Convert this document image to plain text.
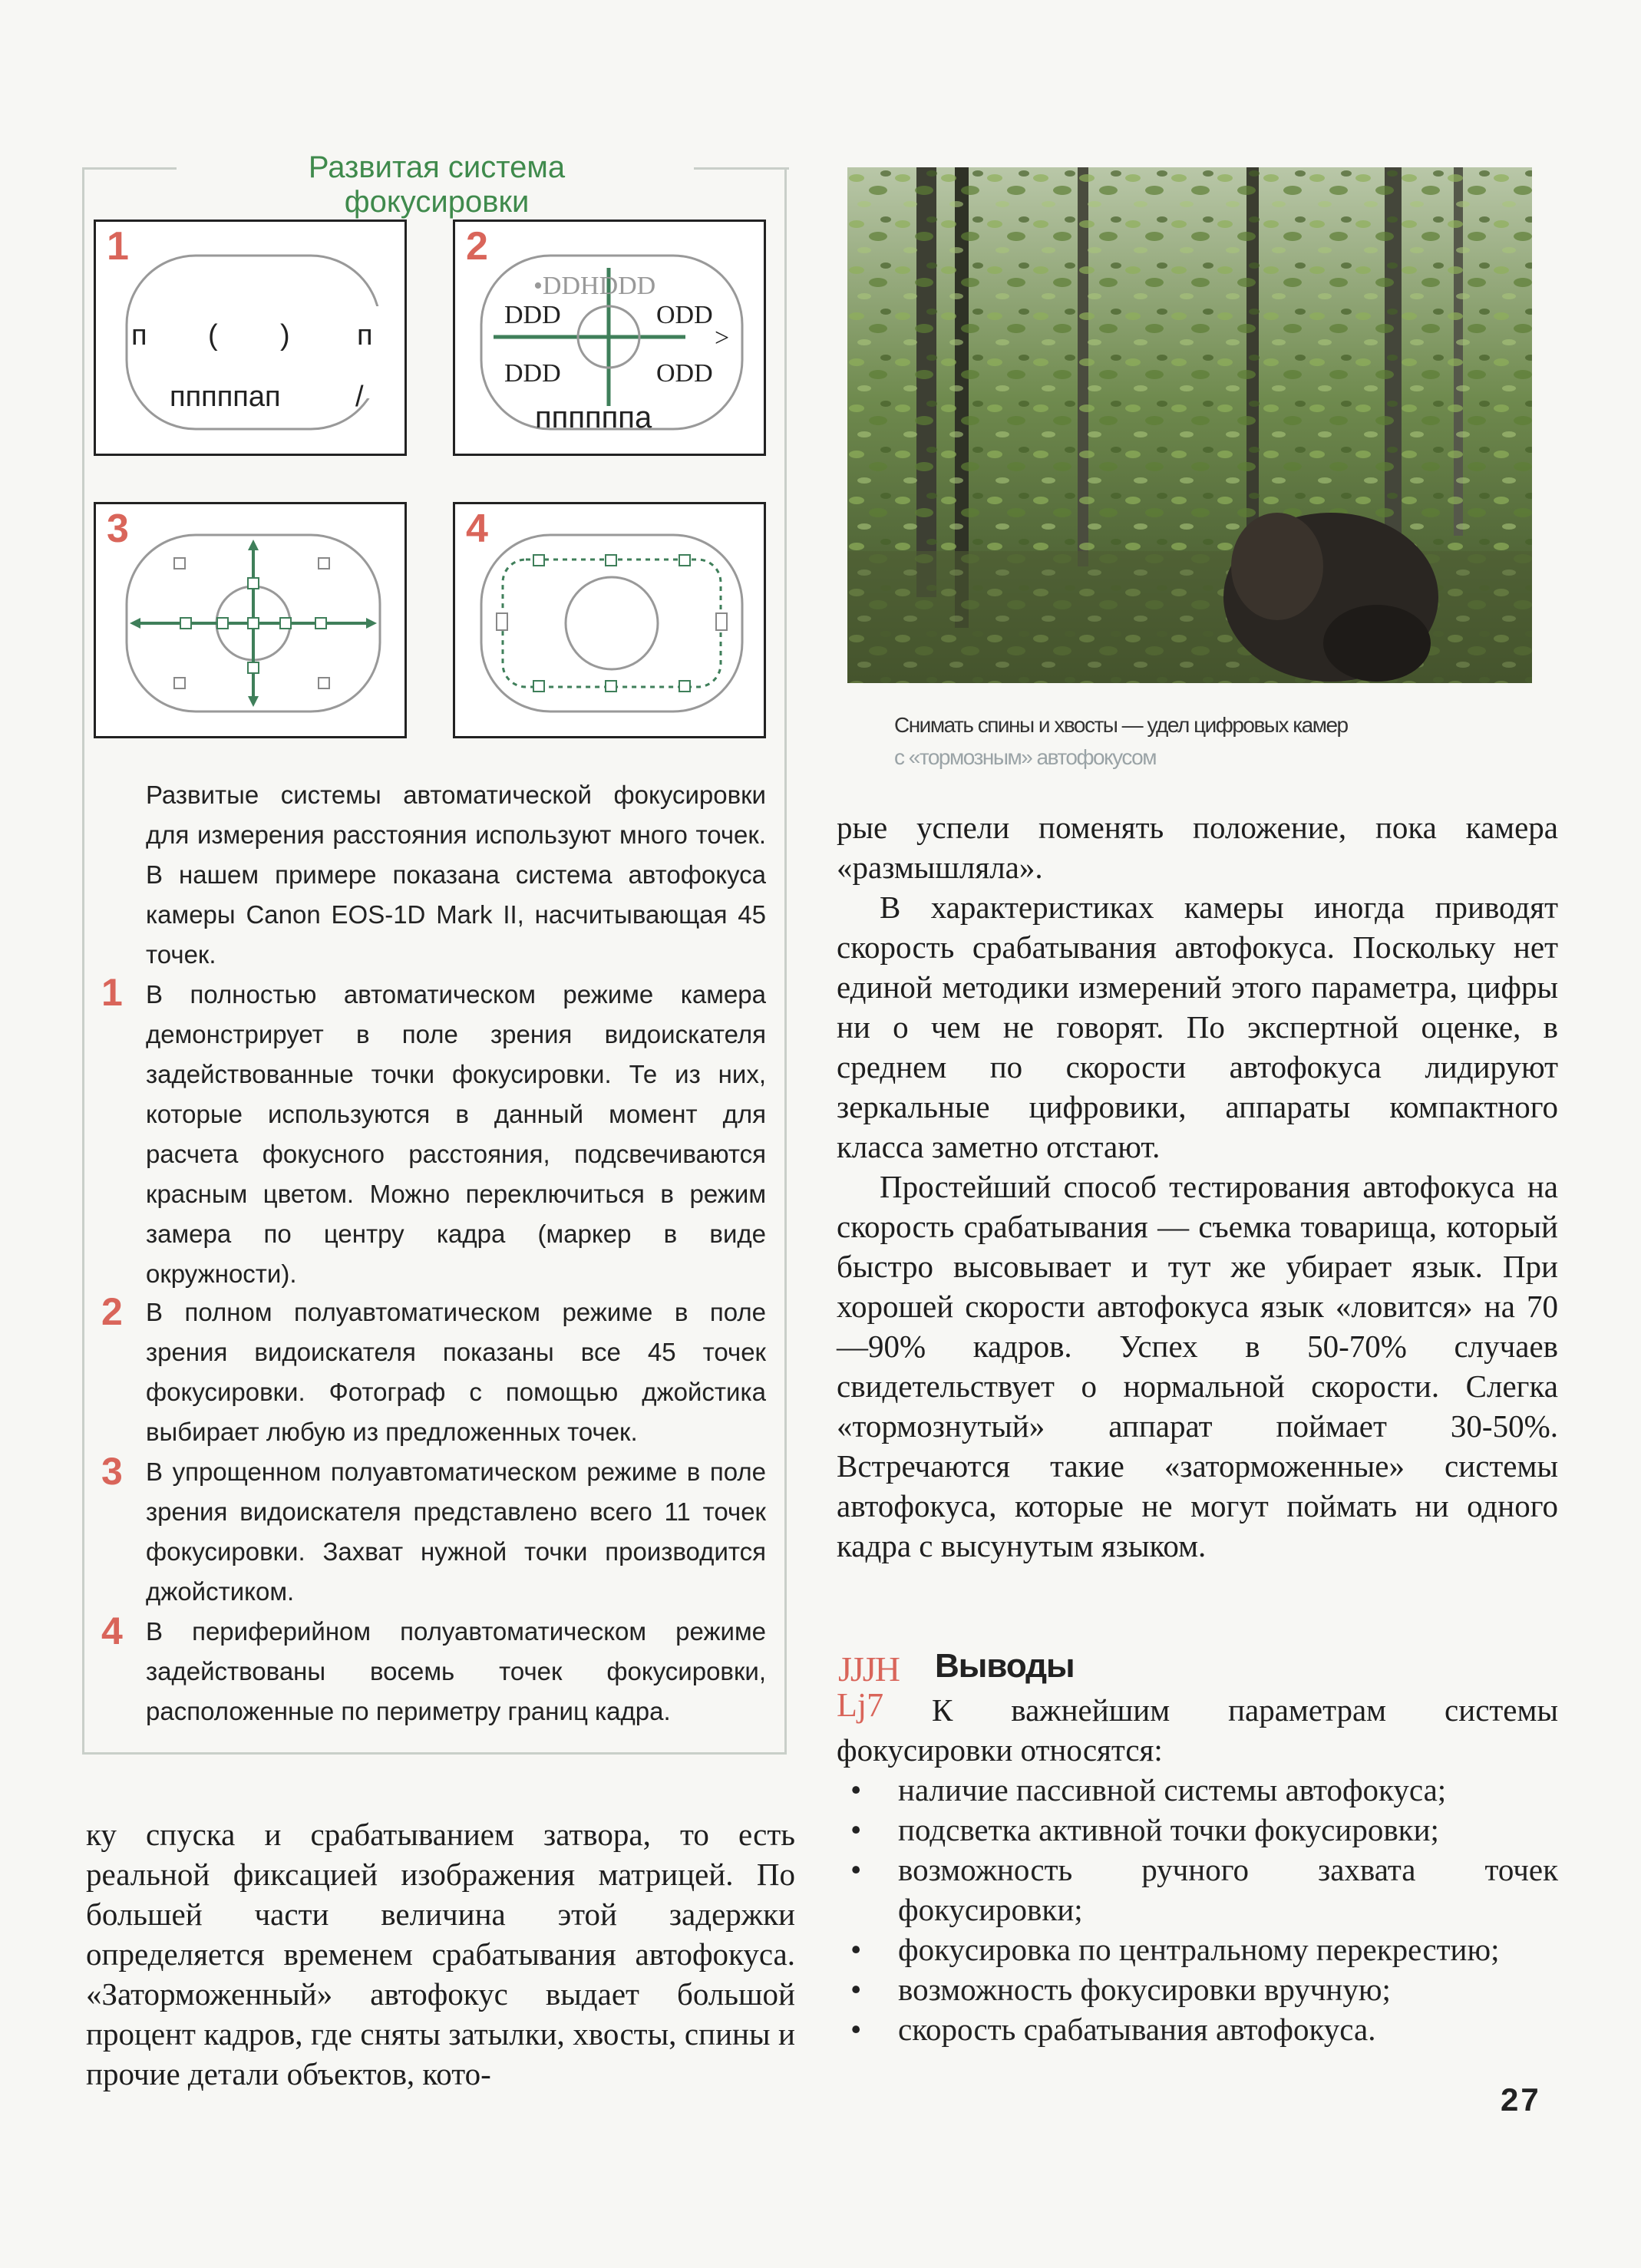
Развитая система фокусировки
п ( ) п
пппппап	/
1
•DDHDDD
DDD	ODD
>
DDD	ODD
ппппппа
2
3	4
Развитые системы автоматической фокусировки для измерения расстояния используют много точек. В нашем примере показана система автофокуса камеры Canon EOS-1D Mark II, насчитывающая 45 точек.
1 В полностью автоматическом режиме камера демонстрирует в поле зрения видоискателя задействованные точки фокусировки. Те из них, которые используются в данный момент для расчета фокусного расстояния, подсвечиваются красным цветом. Можно переключиться в режим замера по центру кадра (маркер в виде окружности).
2 В полном полуавтоматическом режиме в поле зрения видоискателя показаны все 45 точек фокусировки. Фотограф с помощью джойстика выбирает любую из предложенных точек.
3 В упрощенном полуавтоматическом режиме в поле зрения видоискателя представлено всего 11 точек фокусировки. Захват нужной точки производится джойстиком.
4 В периферийном полуавтоматическом режиме задействованы восемь точек фокусировки, расположенные по периметру границ кадра.
Снимать спины и хвосты — удел цифровых камер
с «тормозным» автофокусом
ку спуска и срабатыванием затвора, то есть реальной фиксацией изображения матрицей. По большей части величина этой задержки определяется временем срабатывания автофокуса. «Заторможенный» автофокус выдает большой процент кадров, где сняты затылки, хвосты, спины и прочие детали объектов, кото-
рые успели поменять положение, пока камера «размышляла».
В характеристиках камеры иногда приводят скорость срабатывания автофокуса. Поскольку нет единой методики измерений этого параметра, цифры ни о чем не говорят. По экспертной оценке, в среднем по скорости автофокуса лидируют зеркальные цифровики, аппараты компактного класса заметно отстают.
Простейший способ тестирования автофокуса на скорость срабатывания — съемка товарища, который быстро высовывает и тут же убирает язык. При хорошей скорости автофокуса язык «ловится» на 70—90% кадров. Успех в 50-70% случаев свидетельствует о нормальной скорости. Слегка «тормознутый» аппарат поймает 30-50%. Встречаются такие «заторможенные» системы автофокуса, которые не могут поймать ни одного кадра с высунутым языком.
JJJH
Lj7
Выводы
К важнейшим параметрам системы фокусировки относятся:
• наличие пассивной системы автофокуса;
• подсветка активной точки фокусировки;
• возможность ручного захвата точек фокусировки;
• фокусировка по центральному перекрестию;
• возможность фокусировки вручную;
• скорость срабатывания автофокуса.
27
